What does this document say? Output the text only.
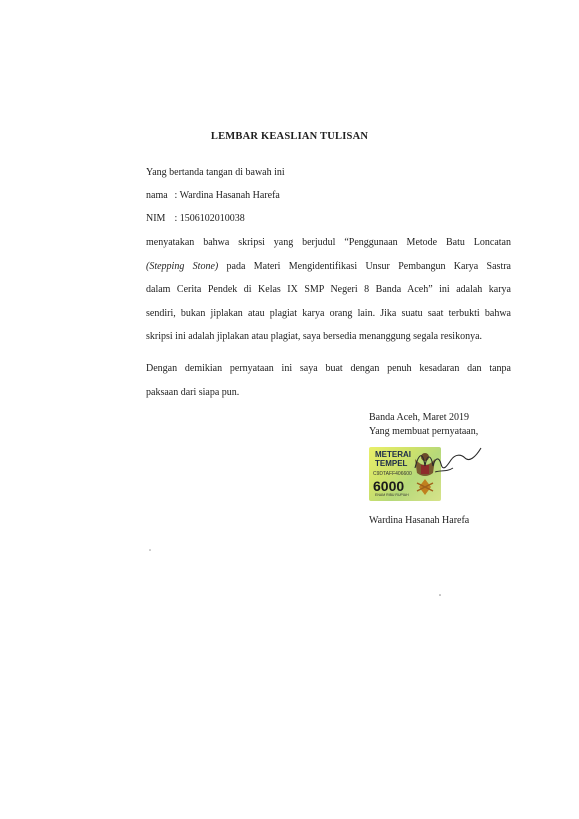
LEMBAR KEASLIAN TULISAN
Yang bertanda tangan di bawah ini
nama : Wardina Hasanah Harefa
NIM : 1506102010038
menyatakan bahwa skripsi yang berjudul “Penggunaan Metode Batu Loncatan
(Stepping Stone) pada Materi Mengidentifikasi Unsur Pembangun Karya Sastra
dalam Cerita Pendek di Kelas IX SMP Negeri 8 Banda Aceh” ini adalah karya
sendiri, bukan jiplakan atau plagiat karya orang lain. Jika suatu saat terbukti bahwa
skripsi ini adalah jiplakan atau plagiat, saya bersedia menanggung segala resikonya.
Dengan demikian pernyataan ini saya buat dengan penuh kesadaran dan tanpa
paksaan dari siapa pun.
Banda Aceh, Maret 2019
Yang membuat pernyataan,
METERAI
TEMPEL
C9DTAFF406600
6000
ENAM RIBU RUPIAH
Wardina Hasanah Harefa
